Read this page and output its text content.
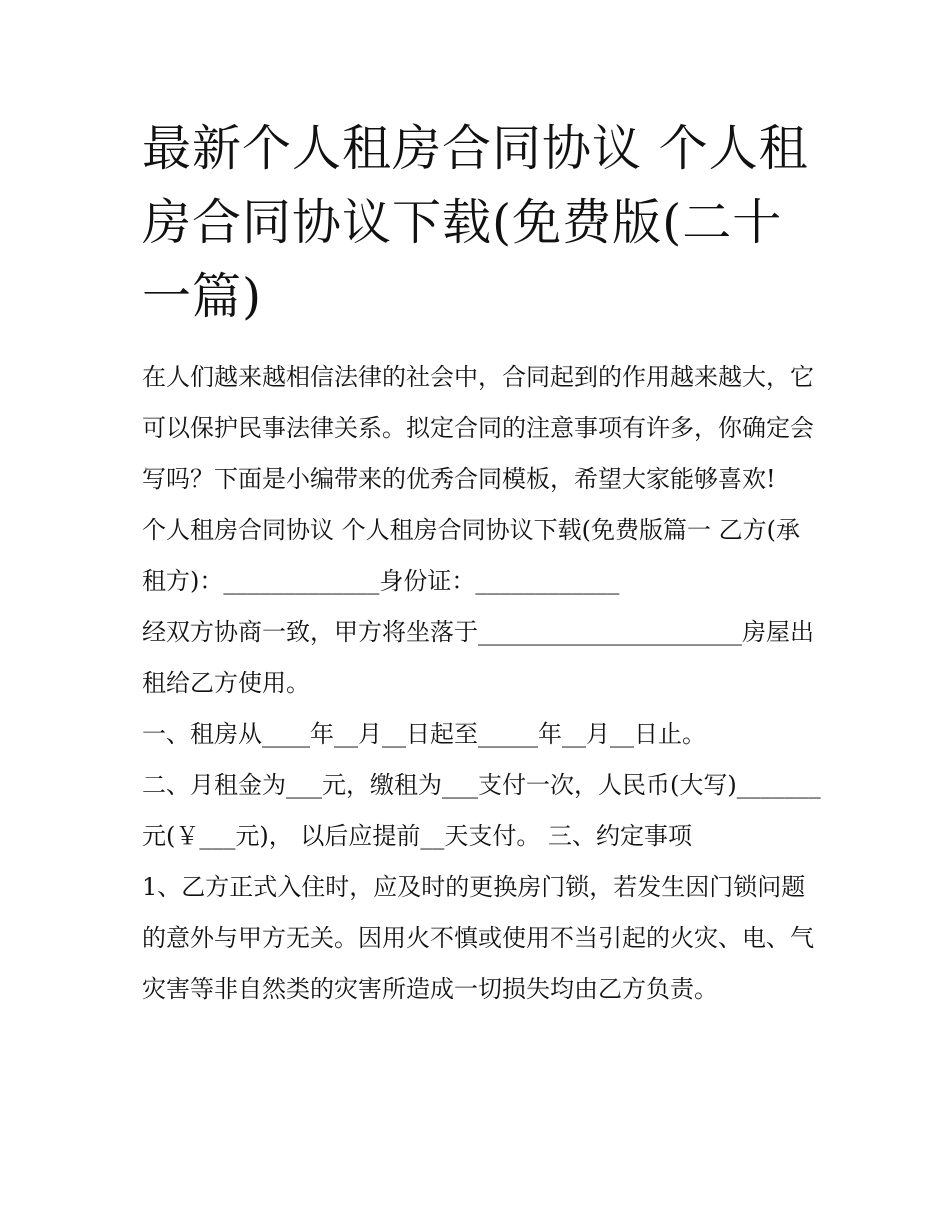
最新个人租房合同协议 个人租房合同协议下载(免费版(二十一篇)

在人们越来越相信法律的社会中，合同起到的作用越来越大，它可以保护民事法律关系。拟定合同的注意事项有许多，你确定会写吗？下面是小编带来的优秀合同模板，希望大家能够喜欢!

个人租房合同协议 个人租房合同协议下载(免费版篇一 乙方(承租方)：_____________身份证：____________

经双方协商一致，甲方将坐落于______________________房屋出租给乙方使用。

一、租房从____年__月__日起至_____年__月__日止。

二、月租金为___元，缴租为___支付一次，人民币(大写)_______元(￥___元)， 以后应提前__天支付。 三、约定事项

1、乙方正式入住时，应及时的更换房门锁，若发生因门锁问题的意外与甲方无关。因用火不慎或使用不当引起的火灾、电、气灾害等非自然类的灾害所造成一切损失均由乙方负责。
